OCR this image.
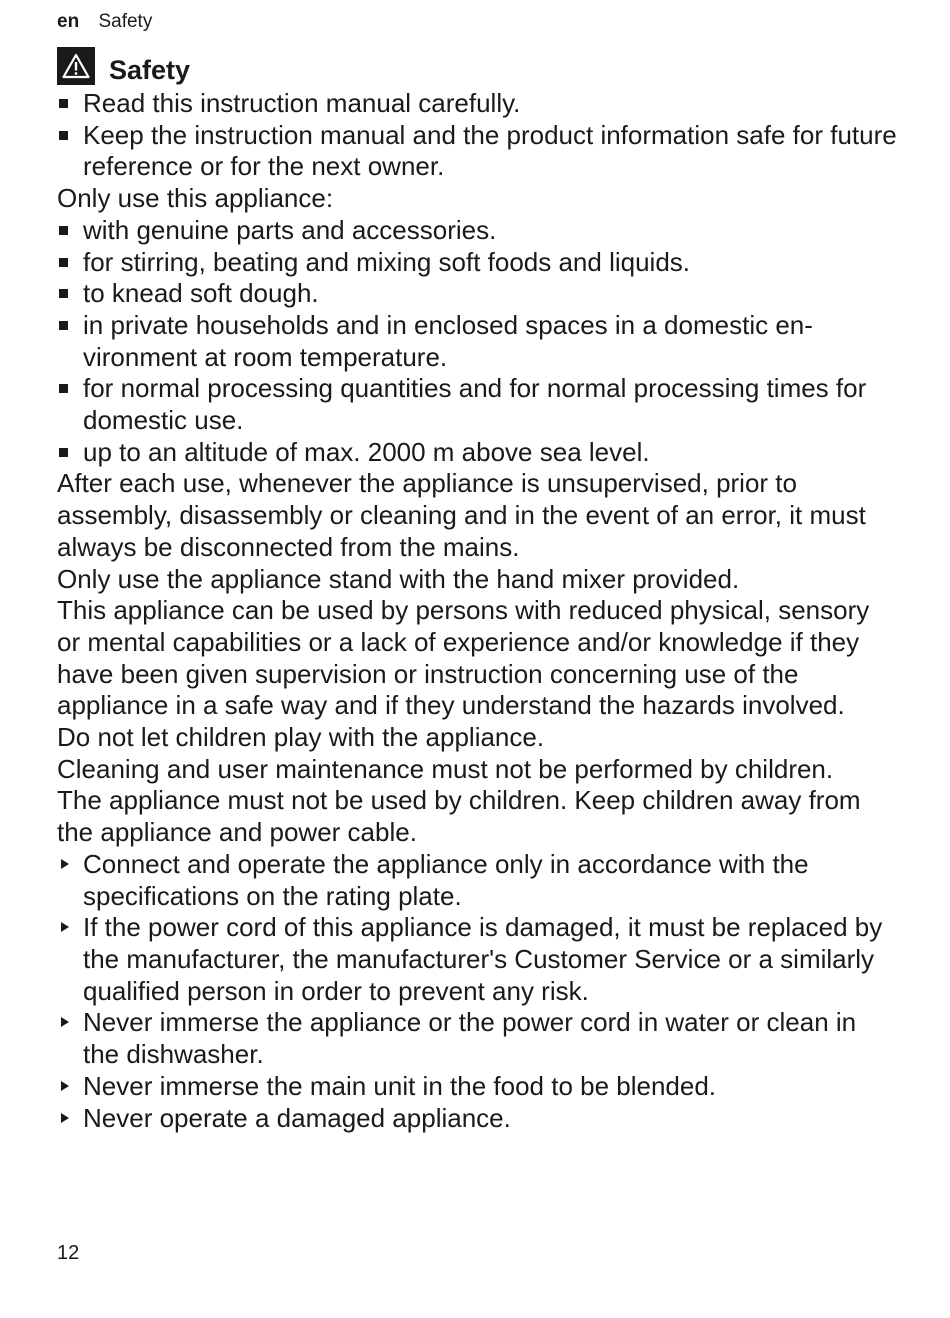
en Safety
Safety
Read this instruction manual carefully.
Keep the instruction manual and the product information safe for future reference or for the next owner.

Only use this appliance:

with genuine parts and accessories.
for stirring, beating and mixing soft foods and liquids.
to knead soft dough.
in private households and in enclosed spaces in a domestic environment at room temperature.
for normal processing quantities and for normal processing times for domestic use.
up to an altitude of max. 2000 m above sea level.

After each use, whenever the appliance is unsupervised, prior to assembly, disassembly or cleaning and in the event of an error, it must always be disconnected from the mains.

Only use the appliance stand with the hand mixer provided.

This appliance can be used by persons with reduced physical, sensory or mental capabilities or a lack of experience and/or knowledge if they have been given supervision or instruction concerning use of the appliance in a safe way and if they understand the hazards involved.

Do not let children play with the appliance.

Cleaning and user maintenance must not be performed by children.

The appliance must not be used by children. Keep children away from the appliance and power cable.

Connect and operate the appliance only in accordance with the specifications on the rating plate.
If the power cord of this appliance is damaged, it must be replaced by the manufacturer, the manufacturer's Customer Service or a similarly qualified person in order to prevent any risk.
Never immerse the appliance or the power cord in water or clean in the dishwasher.
Never immerse the main unit in the food to be blended.
Never operate a damaged appliance.
12
